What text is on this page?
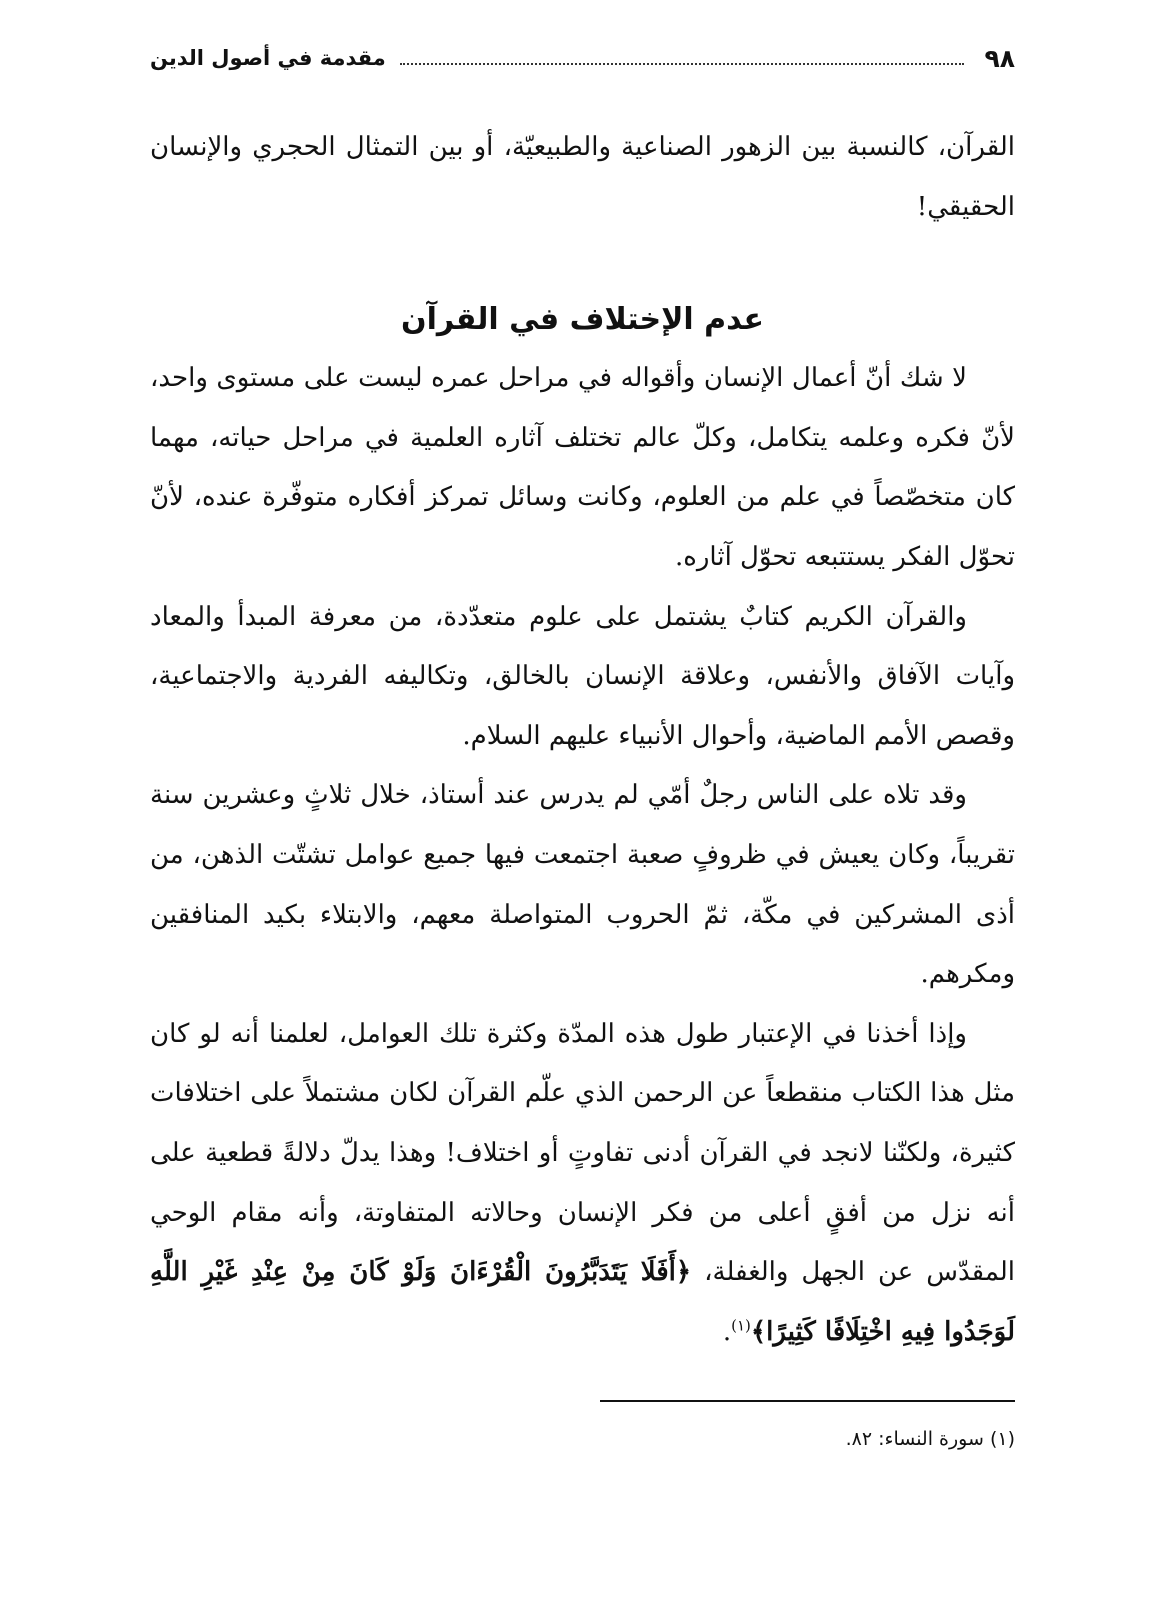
٩٨
مقدمة في أصول الدين

القرآن، كالنسبة بين الزهور الصناعية والطبيعيّة، أو بين التمثال الحجري والإنسان الحقيقي!

عدم الإختلاف في القرآن

لا شك أنّ أعمال الإنسان وأقواله في مراحل عمره ليست على مستوى واحد، لأنّ فكره وعلمه يتكامل، وكلّ عالم تختلف آثاره العلمية في مراحل حياته، مهما كان متخصّصاً في علم من العلوم، وكانت وسائل تمركز أفكاره متوفّرة عنده، لأنّ تحوّل الفكر يستتبعه تحوّل آثاره.

والقرآن الكريم كتابٌ يشتمل على علوم متعدّدة، من معرفة المبدأ والمعاد وآيات الآفاق والأنفس، وعلاقة الإنسان بالخالق، وتكاليفه الفردية والاجتماعية، وقصص الأمم الماضية، وأحوال الأنبياء عليهم السلام.

وقد تلاه على الناس رجلٌ أمّي لم يدرس عند أستاذ، خلال ثلاثٍ وعشرين سنة تقريباً، وكان يعيش في ظروفٍ صعبة اجتمعت فيها جميع عوامل تشتّت الذهن، من أذى المشركين في مكّة، ثمّ الحروب المتواصلة معهم، والابتلاء بكيد المنافقين ومكرهم.

وإذا أخذنا في الإعتبار طول هذه المدّة وكثرة تلك العوامل، لعلمنا أنه لو كان مثل هذا الكتاب منقطعاً عن الرحمن الذي علّم القرآن لكان مشتملاً على اختلافات كثيرة، ولكنّنا لانجد في القرآن أدنى تفاوتٍ أو اختلاف! وهذا يدلّ دلالةً قطعية على أنه نزل من أفقٍ أعلى من فكر الإنسان وحالاته المتفاوتة، وأنه مقام الوحي المقدّس عن الجهل والغفلة، ﴿أَفَلَا يَتَدَبَّرُونَ الْقُرْءَانَ وَلَوْ كَانَ مِنْ عِنْدِ غَيْرِ اللَّهِ لَوَجَدُوا فِيهِ اخْتِلَافًا كَثِيرًا﴾$^{(١)}$.

(١) سورة النساء: ٨٢.
